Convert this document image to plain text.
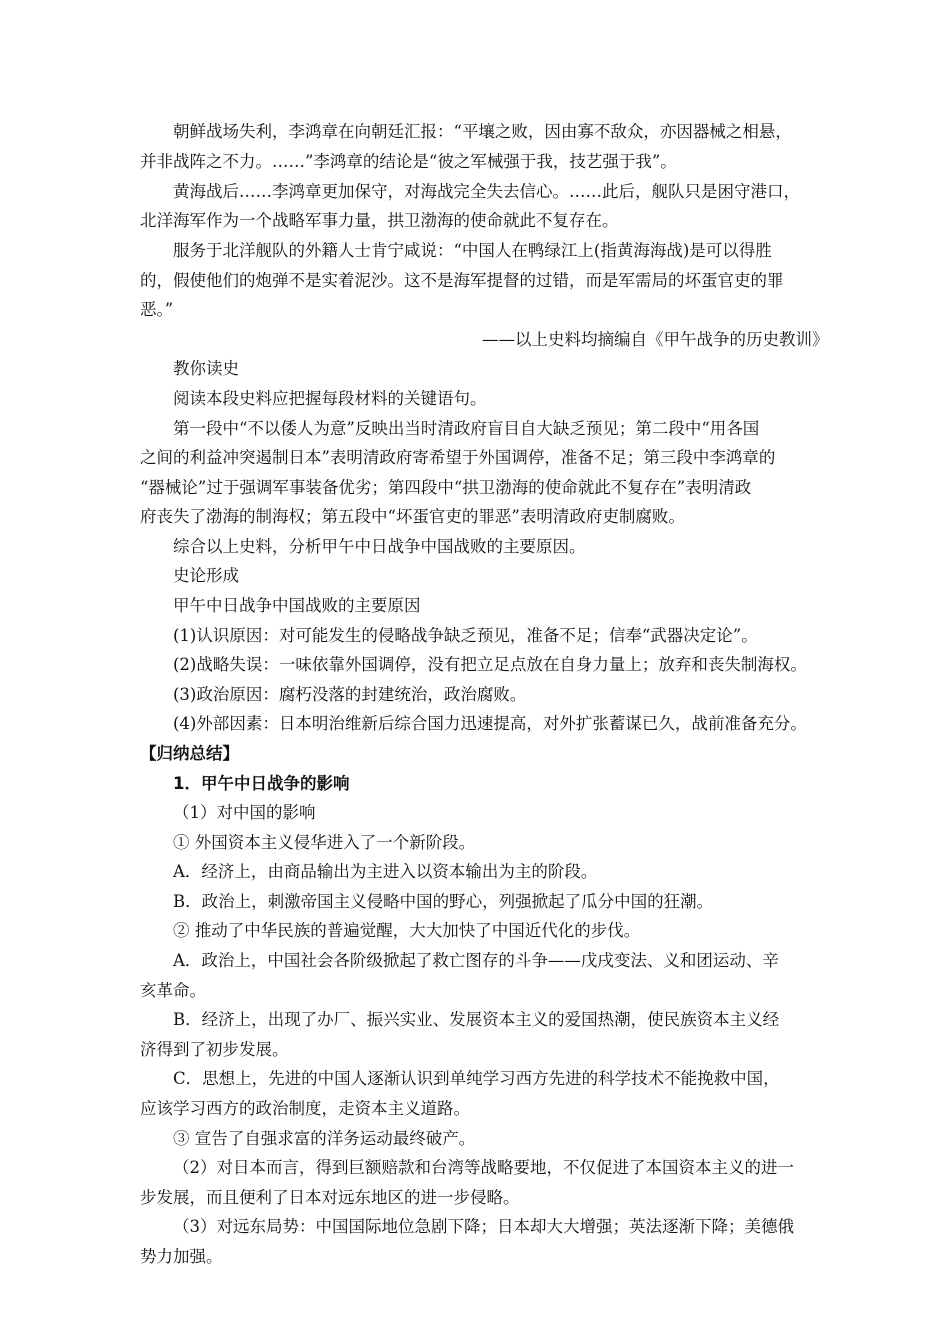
朝鲜战场失利，李鸿章在向朝廷汇报：“平壤之败，因由寡不敌众，亦因器械之相悬，
并非战阵之不力。……”李鸿章的结论是“彼之军械强于我，技艺强于我”。
黄海战后……李鸿章更加保守，对海战完全失去信心。……此后，舰队只是困守港口，
北洋海军作为一个战略军事力量，拱卫渤海的使命就此不复存在。
服务于北洋舰队的外籍人士肯宁咸说：“中国人在鸭绿江上(指黄海海战)是可以得胜
的，假使他们的炮弹不是实着泥沙。这不是海军提督的过错，而是军需局的坏蛋官吏的罪
恶。”
——以上史料均摘编自《甲午战争的历史教训》
教你读史
阅读本段史料应把握每段材料的关键语句。
第一段中“不以倭人为意”反映出当时清政府盲目自大缺乏预见；第二段中“用各国
之间的利益冲突遏制日本”表明清政府寄希望于外国调停，准备不足；第三段中李鸿章的
“器械论”过于强调军事装备优劣；第四段中“拱卫渤海的使命就此不复存在”表明清政
府丧失了渤海的制海权；第五段中“坏蛋官吏的罪恶”表明清政府吏制腐败。
综合以上史料，分析甲午中日战争中国战败的主要原因。
史论形成
甲午中日战争中国战败的主要原因
(1)认识原因：对可能发生的侵略战争缺乏预见，准备不足；信奉“武器决定论”。
(2)战略失误：一味依靠外国调停，没有把立足点放在自身力量上；放弃和丧失制海权。
(3)政治原因：腐朽没落的封建统治，政治腐败。
(4)外部因素：日本明治维新后综合国力迅速提高，对外扩张蓄谋已久，战前准备充分。
【归纳总结】
1．甲午中日战争的影响
（1）对中国的影响
① 外国资本主义侵华进入了一个新阶段。
A．经济上，由商品输出为主进入以资本输出为主的阶段。
B．政治上，刺激帝国主义侵略中国的野心，列强掀起了瓜分中国的狂潮。
② 推动了中华民族的普遍觉醒，大大加快了中国近代化的步伐。
A．政治上，中国社会各阶级掀起了救亡图存的斗争——戊戌变法、义和团运动、辛
亥革命。
B．经济上，出现了办厂、振兴实业、发展资本主义的爱国热潮，使民族资本主义经
济得到了初步发展。
C．思想上，先进的中国人逐渐认识到单纯学习西方先进的科学技术不能挽救中国，
应该学习西方的政治制度，走资本主义道路。
③ 宣告了自强求富的洋务运动最终破产。
（2）对日本而言，得到巨额赔款和台湾等战略要地，不仅促进了本国资本主义的进一
步发展，而且便利了日本对远东地区的进一步侵略。
（3）对远东局势：中国国际地位急剧下降；日本却大大增强；英法逐渐下降；美德俄
势力加强。
